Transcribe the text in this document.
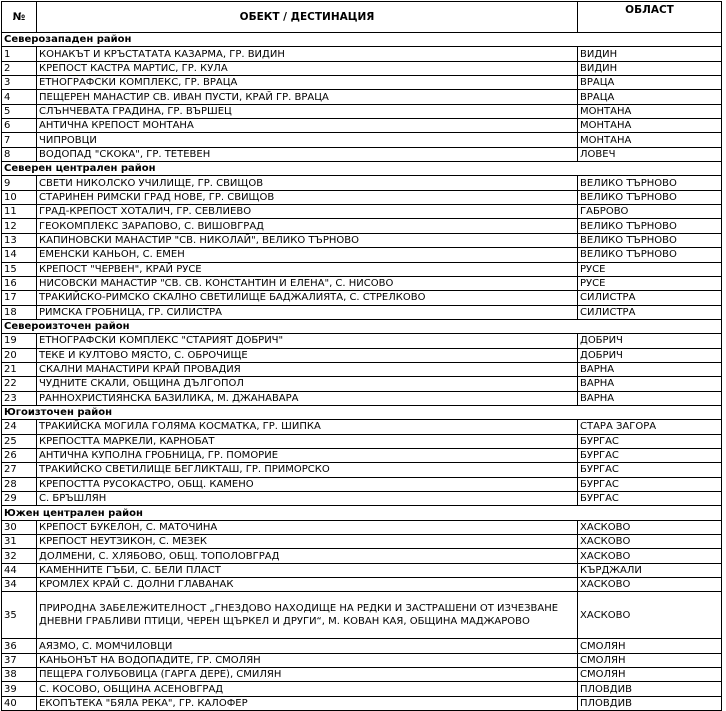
№	ОБЕКТ / ДЕСТИНАЦИЯ	ОБЛАСТ
Северозападен район		
1	КОНАКЪТ И КРЪСТАТАТА КАЗАРМА, ГР. ВИДИН	ВИДИН
2	КРЕПОСТ КАСТРА МАРТИС, ГР. КУЛА	ВИДИН
3	ЕТНОГРАФСКИ КОМПЛЕКС, ГР. ВРАЦА	ВРАЦА
4	ПЕЩЕРЕН МАНАСТИР СВ. ИВАН ПУСТИ, КРАЙ ГР. ВРАЦА	ВРАЦА
5	СЛЪНЧЕВАТА ГРАДИНА, ГР. ВЪРШЕЦ	МОНТАНА
6	АНТИЧНА КРЕПОСТ МОНТАНА	МОНТАНА
7	ЧИПРОВЦИ	МОНТАНА
8	ВОДОПАД "СКОКА", ГР. ТЕТЕВЕН	ЛОВЕЧ
Северен централен район		
9	СВЕТИ НИКОЛСКО УЧИЛИЩЕ, ГР. СВИЩОВ	ВЕЛИКО ТЪРНОВО
10	СТАРИНЕН РИМСКИ ГРАД НОВЕ, ГР. СВИЩОВ	ВЕЛИКО ТЪРНОВО
11	ГРАД-КРЕПОСТ ХОТАЛИЧ, ГР. СЕВЛИЕВО	ГАБРОВО
12	ГЕОКОМПЛЕКС ЗАРАПОВО, С. ВИШОВГРАД	ВЕЛИКО ТЪРНОВО
13	КАПИНОВСКИ МАНАСТИР "СВ. НИКОЛАЙ", ВЕЛИКО ТЪРНОВО	ВЕЛИКО ТЪРНОВО
14	ЕМЕНСКИ КАНЬОН, С. ЕМЕН	ВЕЛИКО ТЪРНОВО
15	КРЕПОСТ "ЧЕРВЕН", КРАЙ РУСЕ	РУСЕ
16	НИСОВСКИ МАНАСТИР "СВ. СВ. КОНСТАНТИН И ЕЛЕНА", С. НИСОВО	РУСЕ
17	ТРАКИЙСКО-РИМСКО СКАЛНО СВЕТИЛИЩЕ БАДЖАЛИЯТА, С. СТРЕЛКОВО	СИЛИСТРА
18	РИМСКА ГРОБНИЦА, ГР. СИЛИСТРА	СИЛИСТРА
Североизточен район		
19	ЕТНОГРАФСКИ КОМПЛЕКС "СТАРИЯТ ДОБРИЧ"	ДОБРИЧ
20	ТЕКЕ И КУЛТОВО МЯСТО, С. ОБРОЧИЩЕ	ДОБРИЧ
21	СКАЛНИ МАНАСТИРИ КРАЙ ПРОВАДИЯ	ВАРНА
22	ЧУДНИТЕ СКАЛИ, ОБЩИНА ДЪЛГОПОЛ	ВАРНА
23	РАННОХРИСТИЯНСКА БАЗИЛИКА, М. ДЖАНАВАРА	ВАРНА
Югоизточен район		
24	ТРАКИЙСКА МОГИЛА ГОЛЯМА КОСМАТКА, ГР. ШИПКА	СТАРА ЗАГОРА
25	КРЕПОСТТА МАРКЕЛИ, КАРНОБАТ	БУРГАС
26	АНТИЧНА КУПОЛНА ГРОБНИЦА, ГР. ПОМОРИЕ	БУРГАС
27	ТРАКИЙСКО СВЕТИЛИЩЕ БЕГЛИКТАШ, ГР. ПРИМОРСКО	БУРГАС
28	КРЕПОСТТА РУСОКАСТРО, ОБЩ. КАМЕНО	БУРГАС
29	С. БРЪШЛЯН	БУРГАС
Южен централен район		
30	КРЕПОСТ БУКЕЛОН, С. МАТОЧИНА	ХАСКОВО
31	КРЕПОСТ НЕУТЗИКОН, С. МЕЗЕК	ХАСКОВО
32	ДОЛМЕНИ, С. ХЛЯБОВО, ОБЩ. ТОПОЛОВГРАД	ХАСКОВО
44	КАМЕННИТЕ ГЪБИ, С. БЕЛИ ПЛАСТ	КЪРДЖАЛИ
34	КРОМЛЕХ КРАЙ С. ДОЛНИ ГЛАВАНАК	ХАСКОВО
35	ПРИРОДНА ЗАБЕЛЕЖИТЕЛНОСТ „ГНЕЗДОВО НАХОДИЩЕ НА РЕДКИ И ЗАСТРАШЕНИ ОТ ИЗЧЕЗВАНЕ ДНЕВНИ ГРАБЛИВИ ПТИЦИ, ЧЕРЕН ЩЪРКЕЛ И ДРУГИ“, М. КОВАН КАЯ, ОБЩИНА МАДЖАРОВО	ХАСКОВО
36	АЯЗМО, С. МОМЧИЛОВЦИ	СМОЛЯН
37	КАНЬОНЪТ НА ВОДОПАДИТЕ, ГР. СМОЛЯН	СМОЛЯН
38	ПЕЩЕРА ГОЛУБОВИЦА (ГАРГА ДЕРЕ), СМИЛЯН	СМОЛЯН
39	С. КОСОВО, ОБЩИНА АСЕНОВГРАД	ПЛОВДИВ
40	ЕКОПЪТЕКА "БЯЛА РЕКА", ГР. КАЛОФЕР	ПЛОВДИВ
